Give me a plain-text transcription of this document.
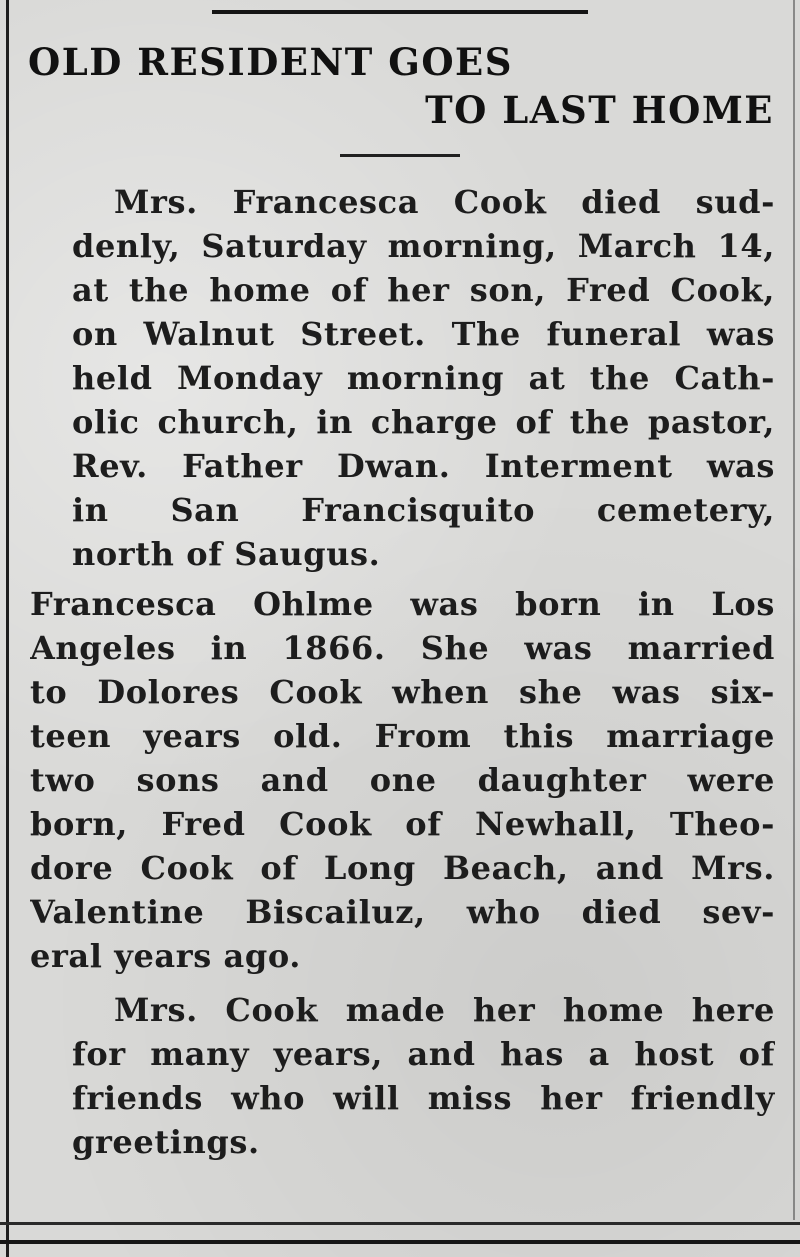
OLD RESIDENT GOES
TO LAST HOME
Mrs. Francesca Cook died sud-
denly, Saturday morning, March 14,
at the home of her son, Fred Cook,
on Walnut Street. The funeral was
held Monday morning at the Cath-
olic church, in charge of the pastor,
Rev. Father Dwan. Interment was
in San Francisquito cemetery,
north of Saugus.
Francesca Ohlme was born in Los
Angeles in 1866. She was married
to Dolores Cook when she was six-
teen years old. From this marriage
two sons and one daughter were
born, Fred Cook of Newhall, Theo-
dore Cook of Long Beach, and Mrs.
Valentine Biscailuz, who died sev-
eral years ago.
Mrs. Cook made her home here
for many years, and has a host of
friends who will miss her friendly
greetings.
